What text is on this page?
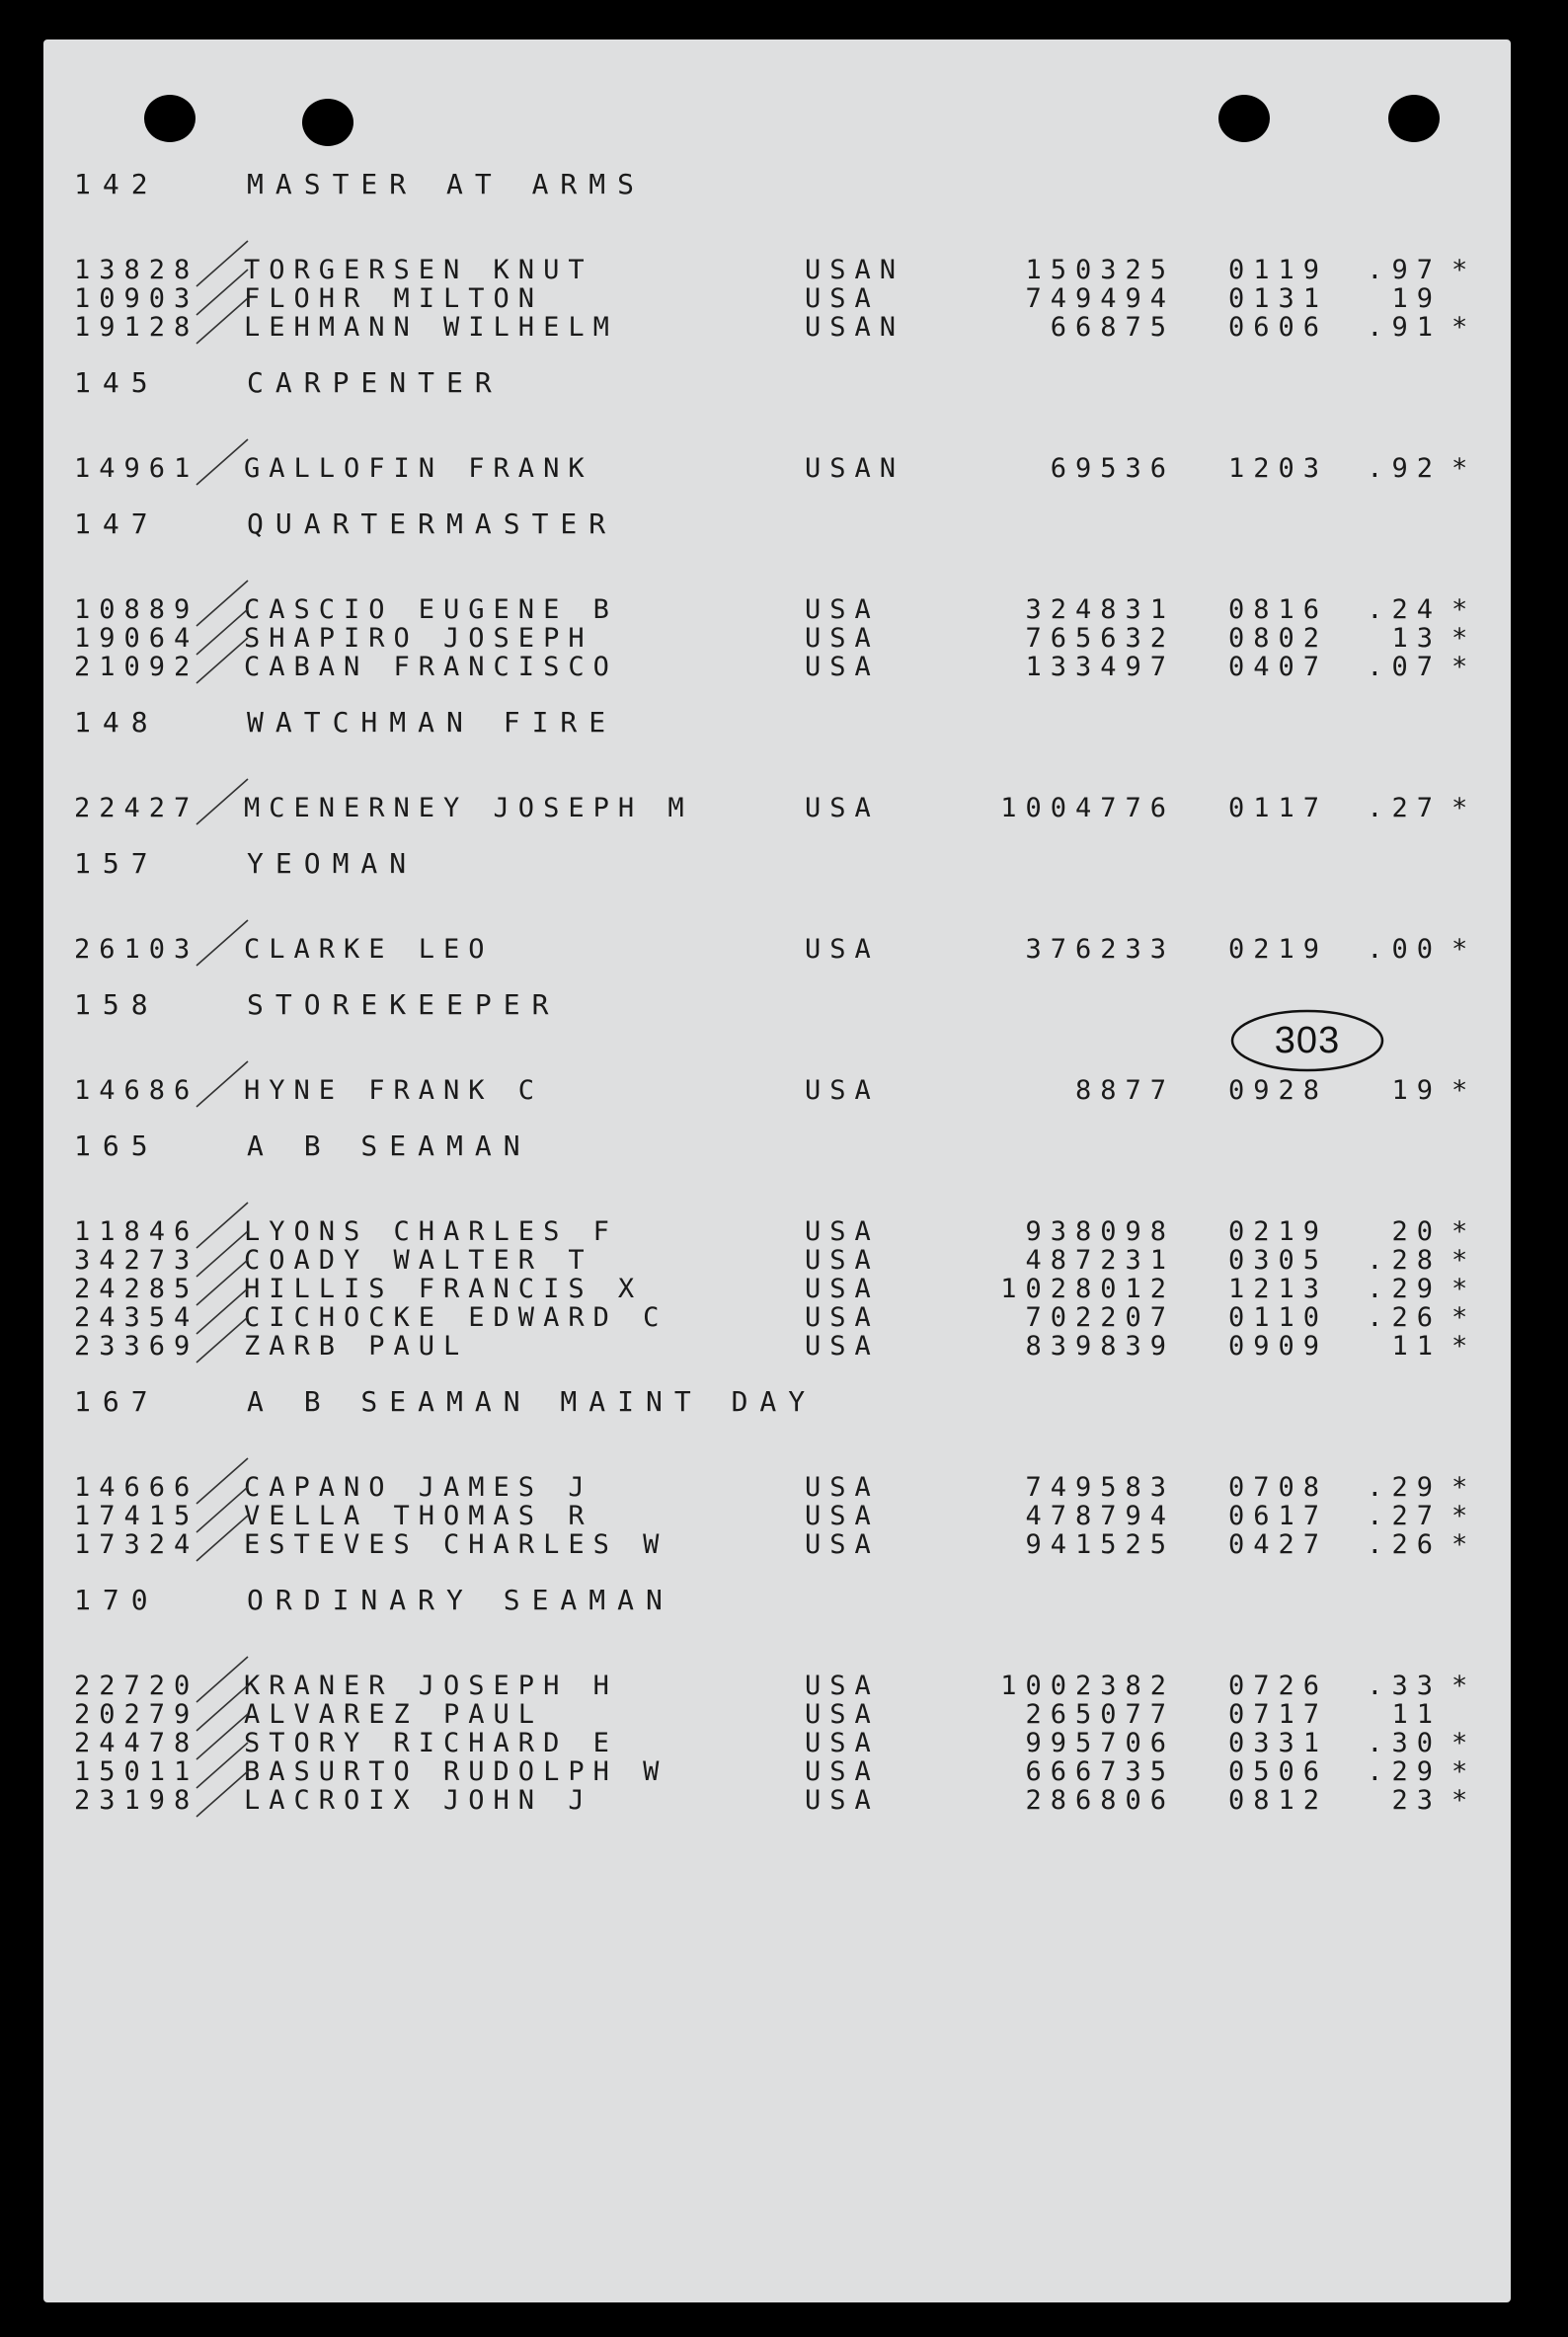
303
142	MASTER AT ARMS
13828 TORGERSEN KNUT	USAN	150325	0119	.97 *
10903 FLOHR MILTON	USA	749494	0131	19
19128 LEHMANN WILHELM	USAN	66875	0606	.91 *
145	CARPENTER
14961 GALLOFIN FRANK	USAN	69536	1203	.92 *
147	QUARTERMASTER
10889 CASCIO EUGENE B	USA	324831	0816	.24 *
19064 SHAPIRO JOSEPH	USA	765632	0802	13 *
21092 CABAN FRANCISCO	USA	133497	0407	.07 *
148	WATCHMAN FIRE
22427 MCENERNEY JOSEPH M	USA	1004776	0117	.27 *
157	YEOMAN
26103 CLARKE LEO	USA	376233	0219	.00 *
158	STOREKEEPER
14686 HYNE FRANK C	USA	8877	0928	19 *
165	A B SEAMAN
11846 LYONS CHARLES F	USA	938098	0219	20 *
34273 COADY WALTER T	USA	487231	0305	.28 *
24285 HILLIS FRANCIS X	USA	1028012	1213	.29 *
24354 CICHOCKE EDWARD C	USA	702207	0110	.26 *
23369 ZARB PAUL	USA	839839	0909	11 *
167	A B SEAMAN MAINT DAY
14666 CAPANO JAMES J	USA	749583	0708	.29 *
17415 VELLA THOMAS R	USA	478794	0617	.27 *
17324 ESTEVES CHARLES W	USA	941525	0427	.26 *
170	ORDINARY SEAMAN
22720 KRANER JOSEPH H	USA	1002382	0726	.33 *
20279 ALVAREZ PAUL	USA	265077	0717	11
24478 STORY RICHARD E	USA	995706	0331	.30 *
15011 BASURTO RUDOLPH W	USA	666735	0506	.29 *
23198 LACROIX JOHN J	USA	286806	0812	23 *
